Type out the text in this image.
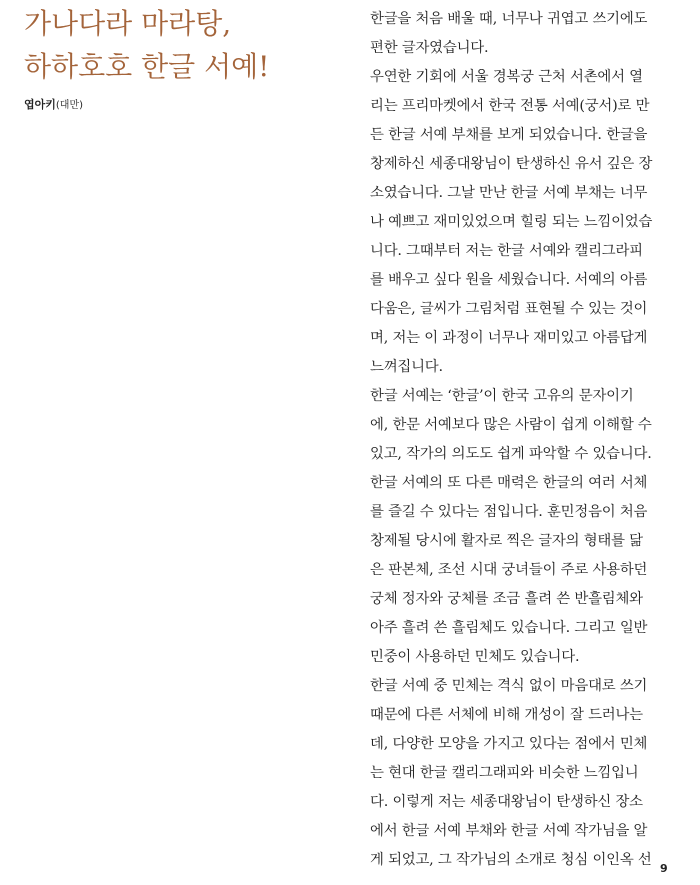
가나다라 마라탕,
하하호호 한글 서예!
엽아키(대만)

한글을 처음 배울 때, 너무나 귀엽고 쓰기에도
편한 글자였습니다.

우연한 기회에 서울 경복궁 근처 서촌에서 열
리는 프리마켓에서 한국 전통 서예(궁서)로 만
든 한글 서예 부채를 보게 되었습니다. 한글을
창제하신 세종대왕님이 탄생하신 유서 깊은 장
소였습니다. 그날 만난 한글 서예 부채는 너무
나 예쁘고 재미있었으며 힐링 되는 느낌이었습
니다. 그때부터 저는 한글 서예와 캘리그라피
를 배우고 싶다 원을 세웠습니다. 서예의 아름
다움은, 글씨가 그림처럼 표현될 수 있는 것이
며, 저는 이 과정이 너무나 재미있고 아름답게
느껴집니다.

한글 서예는 ‘한글’이 한국 고유의 문자이기
에, 한문 서예보다 많은 사람이 쉽게 이해할 수
있고, 작가의 의도도 쉽게 파악할 수 있습니다.
한글 서예의 또 다른 매력은 한글의 여러 서체
를 즐길 수 있다는 점입니다. 훈민정음이 처음
창제될 당시에 활자로 찍은 글자의 형태를 닮
은 판본체, 조선 시대 궁녀들이 주로 사용하던
궁체 정자와 궁체를 조금 흘려 쓴 반흘림체와
아주 흘려 쓴 흘림체도 있습니다. 그리고 일반
민중이 사용하던 민체도 있습니다.

한글 서예 중 민체는 격식 없이 마음대로 쓰기
때문에 다른 서체에 비해 개성이 잘 드러나는
데, 다양한 모양을 가지고 있다는 점에서 민체
는 현대 한글 캘리그래피와 비슷한 느낌입니
다. 이렇게 저는 세종대왕님이 탄생하신 장소
에서 한글 서예 부채와 한글 서예 작가님을 알
게 되었고, 그 작가님의 소개로 청심 이인옥 선

9
